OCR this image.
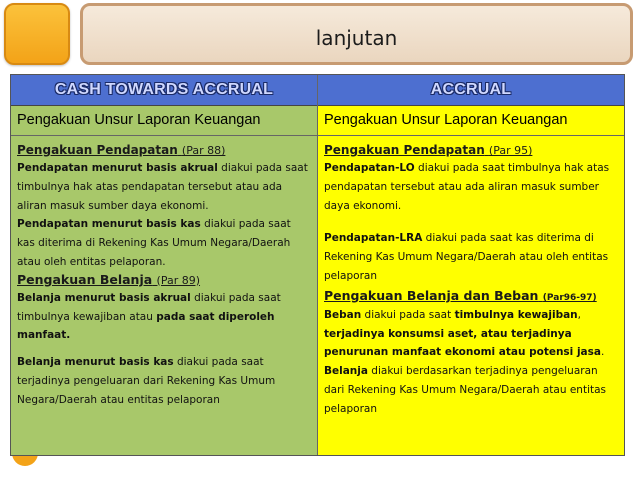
lanjutan
CASH TOWARDS ACCRUAL
Pengakuan Unsur Laporan Keuangan
Pengakuan Pendapatan (Par 88)

Pendapatan menurut basis akrual diakui pada saat timbulnya hak atas pendapatan tersebut atau ada aliran masuk sumber daya ekonomi.

Pendapatan menurut basis kas diakui pada saat kas diterima di Rekening Kas Umum Negara/Daerah atau oleh entitas pelaporan.

Pengakuan Belanja (Par 89)

Belanja menurut basis akrual diakui pada saat timbulnya kewajiban atau pada saat diperoleh manfaat.

Belanja menurut basis kas diakui pada saat terjadinya pengeluaran dari Rekening Kas Umum Negara/Daerah atau entitas pelaporan

ACCRUAL
Pengakuan Unsur Laporan Keuangan
Pengakuan Pendapatan (Par 95)

Pendapatan-LO diakui pada saat timbulnya hak atas pendapatan tersebut atau ada aliran masuk sumber daya ekonomi.

Pendapatan-LRA diakui pada saat kas diterima di Rekening Kas Umum Negara/Daerah atau oleh entitas pelaporan

Pengakuan Belanja dan Beban (Par96-97)

Beban diakui pada saat timbulnya kewajiban, terjadinya konsumsi aset, atau terjadinya penurunan manfaat ekonomi atau potensi jasa. Belanja diakui berdasarkan terjadinya pengeluaran dari Rekening Kas Umum Negara/Daerah atau entitas pelaporan
